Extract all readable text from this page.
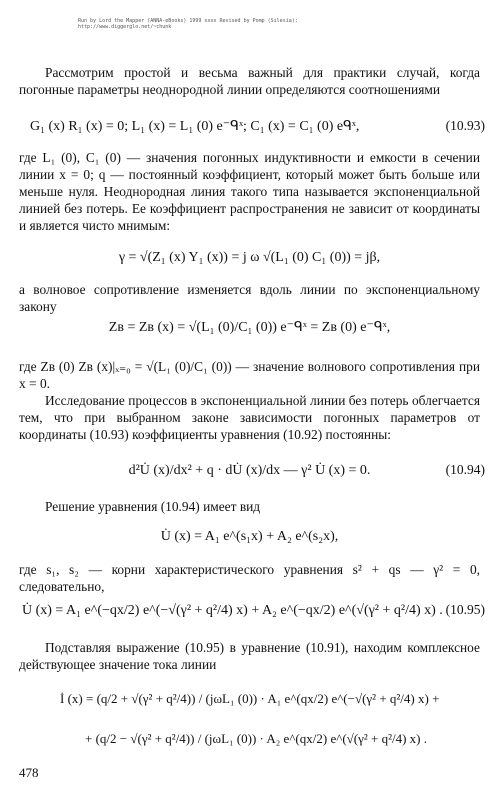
Run by Lord the Mapper (ANNA-eBooks) 1999 xxxx Revised by Pomp (Silesia); http://www.diggerglo.net/~chunk
Рассмотрим простой и весьма важный для практики случай, когда погонные параметры неоднородной линии определяются соотношениями
G₁ (x) R₁ (x) = 0; L₁ (x) = L₁ (0) e⁻ᑫˣ; C₁ (x) = C₁ (0) eᑫˣ,	(10.93)
где L₁ (0), C₁ (0) — значения погонных индуктивности и емкости в сечении линии x = 0; q — постоянный коэффициент, который может быть больше или меньше нуля. Неоднородная линия такого типа называется экспоненциальной линией без потерь. Ее коэффициент распространения не зависит от координаты и является чисто мнимым:
γ = √(Z₁ (x) Y₁ (x)) = j ω √(L₁ (0) C₁ (0)) = jβ,
а волновое сопротивление изменяется вдоль линии по экспоненциальному закону
Zв = Zв (x) = √(L₁ (0)/C₁ (0)) e⁻ᑫˣ = Zв (0) e⁻ᑫˣ,
где Zв (0) Zв (x)|ₓ₌₀ = √(L₁ (0)/C₁ (0)) — значение волнового сопротивления при x = 0.
Исследование процессов в экспоненциальной линии без потерь облегчается тем, что при выбранном законе зависимости погонных параметров от координаты (10.93) коэффициенты уравнения (10.92) постоянны:
d²U̇ (x)/dx² + q · dU̇ (x)/dx — γ² U̇ (x) = 0.	(10.94)
Решение уравнения (10.94) имеет вид
U̇ (x) = A₁ e^(s₁x) + A₂ e^(s₂x),
где s₁, s₂ — корни характеристического уравнения s² + qs — γ² = 0, следовательно,
U̇ (x) = A₁ e^(−qx/2) e^(−√(γ² + q²/4) x) + A₂ e^(−qx/2) e^(√(γ² + q²/4) x) . (10.95)
Подставляя выражение (10.95) в уравнение (10.91), находим комплексное действующее значение тока линии
İ (x) = (q/2 + √(γ² + q²/4)) / (jωL₁ (0)) · A₁ e^(qx/2) e^(−√(γ² + q²/4) x) +
+ (q/2 − √(γ² + q²/4)) / (jωL₁ (0)) · A₂ e^(qx/2) e^(√(γ² + q²/4) x) .
478
